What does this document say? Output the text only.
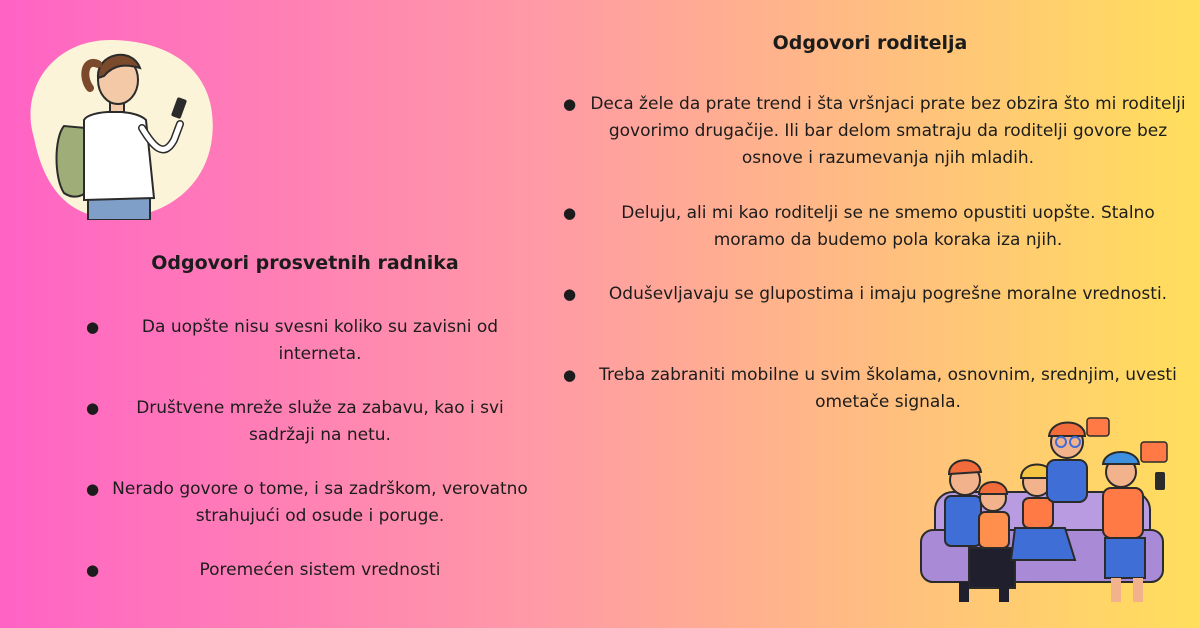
Odgovori prosvetnih radnika
●	Da uopšte nisu svesni koliko su zavisni od interneta.
●	Društvene mreže služe za zabavu, kao i svi sadržaji na netu.
● Nerado govore o tome, i sa zadrškom, verovatno strahujući od osude i poruge.
●	Poremećen sistem vrednosti
Odgovori roditelja
● Deca žele da prate trend i šta vršnjaci prate bez obzira što mi roditelji govorimo drugačije. Ili bar delom smatraju da roditelji govore bez osnove i razumevanja njih mladih.
●	Deluju, ali mi kao roditelji se ne smemo opustiti uopšte. Stalno moramo da budemo pola koraka iza njih.
●	Oduševljavaju se glupostima i imaju pogrešne moralne vrednosti.
●	Treba zabraniti mobilne u svim školama, osnovnim, srednjim, uvesti ometače signala.
